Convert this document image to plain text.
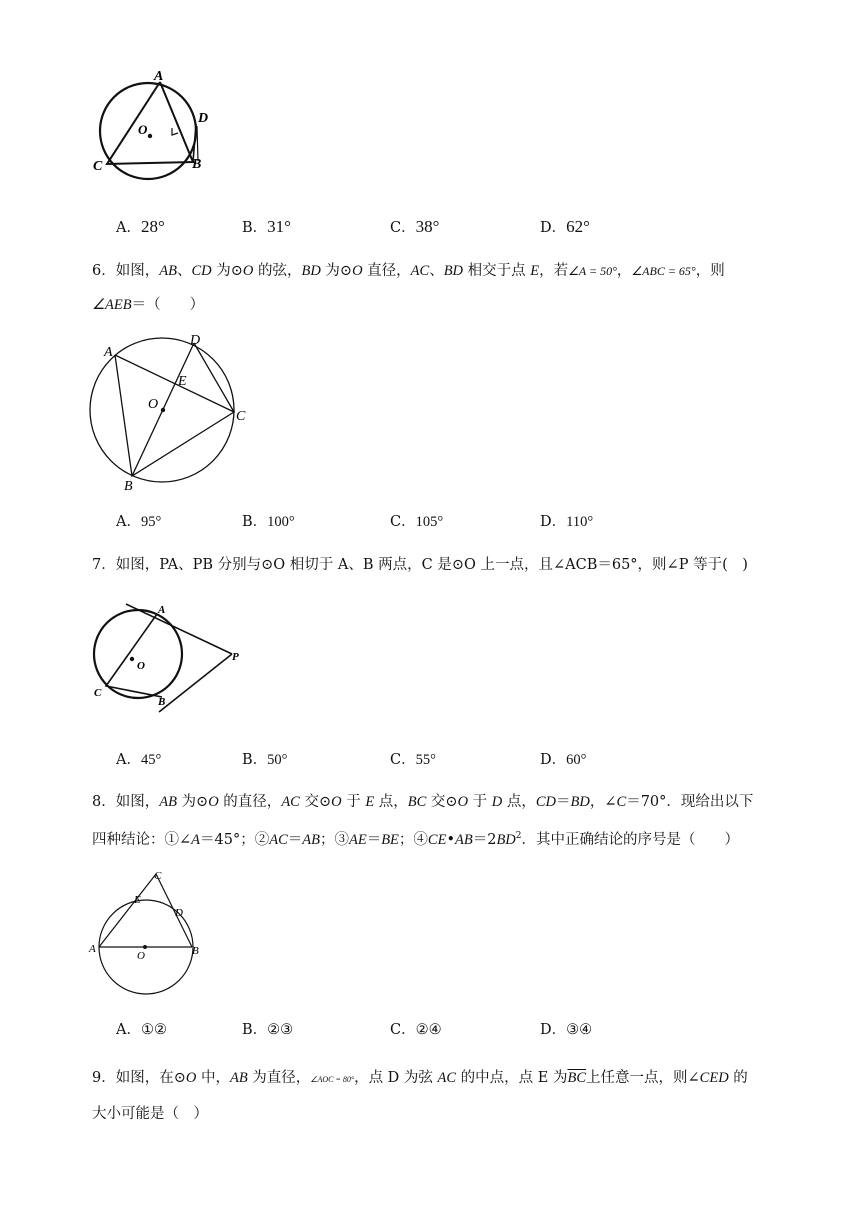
A
O
D
C	B
A．28°	B．31°	C．38°	D．62°
6．如图，AB、CD 为⊙O 的弦，BD 为⊙O 直径，AC、BD 相交于点 E，若∠A = 50°，∠ABC = 65°，则
∠AEB＝（　　）
A
D
E
O
C
B
A．95°	B．100°	C．105°	D．110°
7．如图，PA、PB 分别与⊙O 相切于 A、B 两点，C 是⊙O 上一点，且∠ACB＝65°，则∠P 等于(　)
A
O
P
C
B
A．45°	B．50°	C．55°	D．60°
8．如图，AB 为⊙O 的直径，AC 交⊙O 于 E 点，BC 交⊙O 于 D 点，CD＝BD，∠C＝70°．现给出以下
四种结论：①∠A＝45°；②AC＝AB；③AE＝BE；$④CE•AB=2BD^2$．其中正确结论的序号是（　　）
C
E
D
A
O	B
A．①②	B．②③	C．②④	D．③④
9．如图，在⊙O 中，AB 为直径，∠AOC = 80°，点 D 为弦 AC 的中点，点 E 为$\overline{BC}$上任意一点，则∠CED 的
大小可能是（　）
